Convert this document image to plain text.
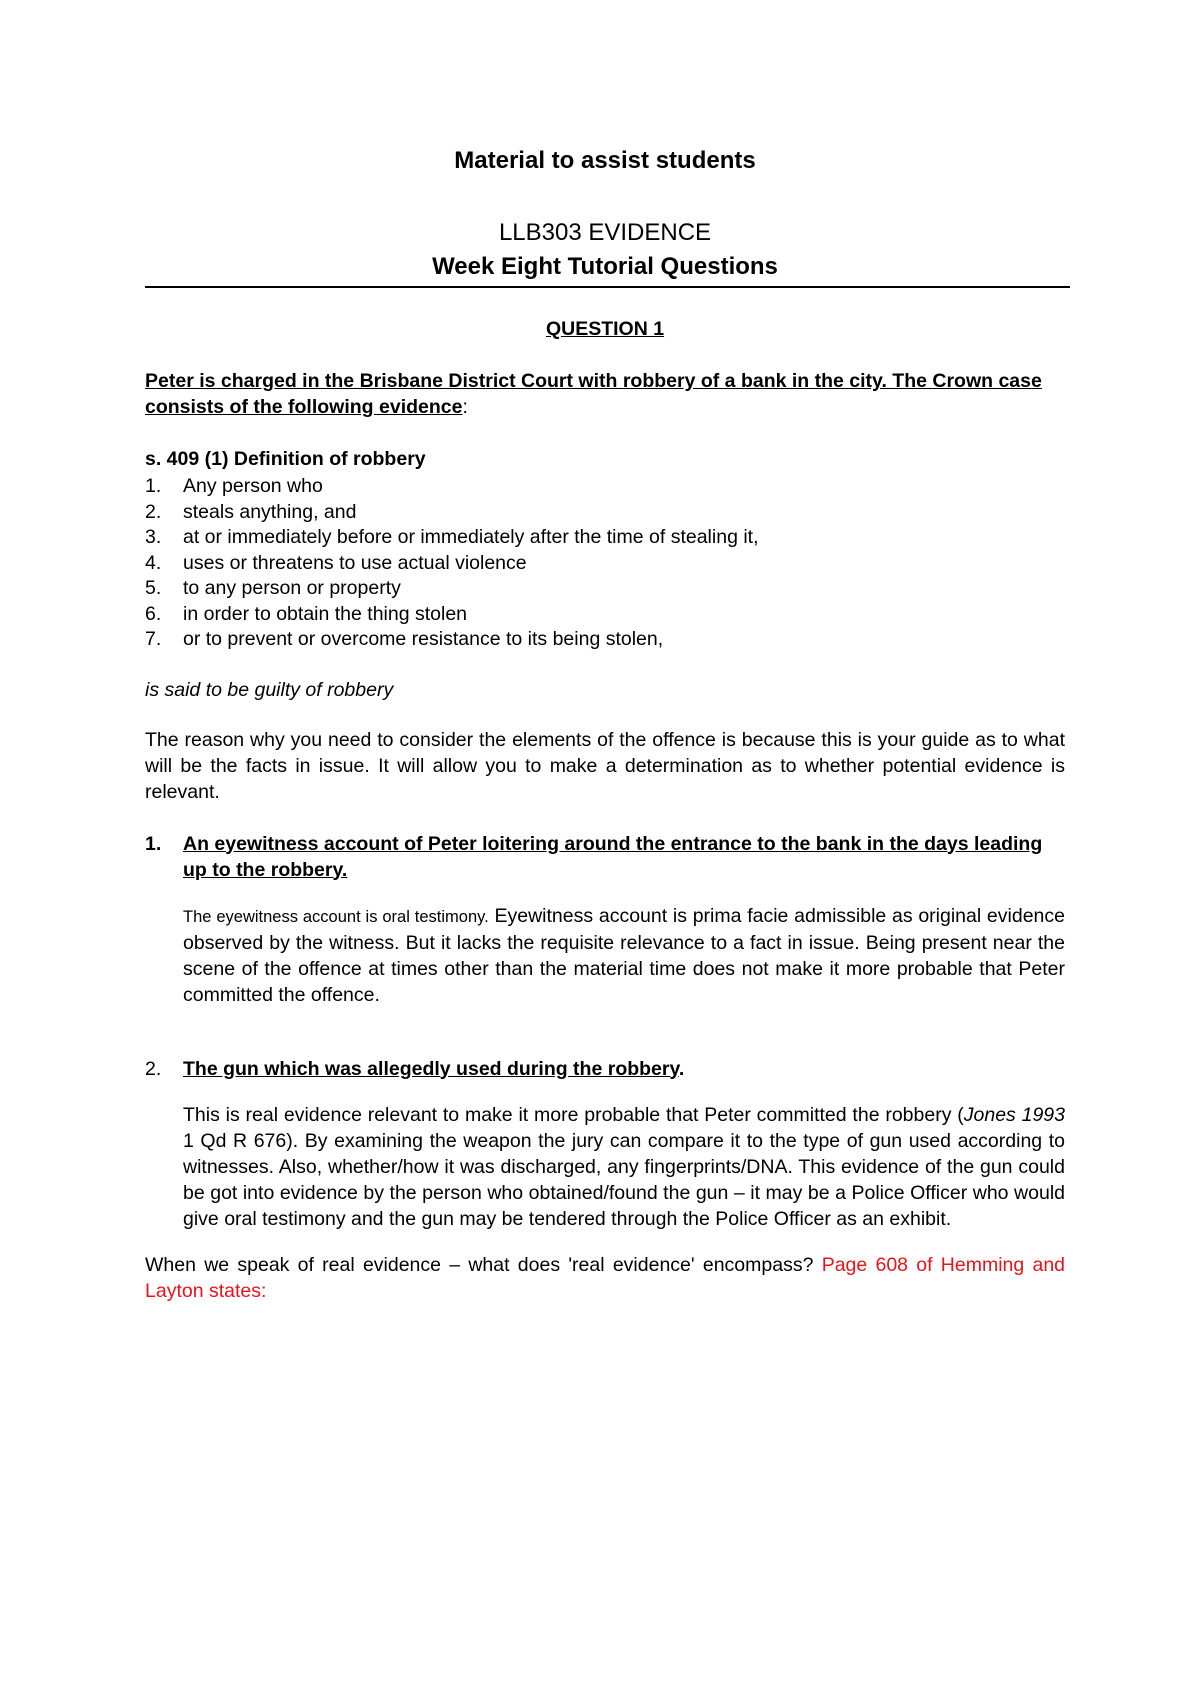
Material to assist students

LLB303 EVIDENCE

Week Eight Tutorial Questions

QUESTION 1

Peter is charged in the Brisbane District Court with robbery of a bank in the city. The Crown case consists of the following evidence:

s. 409 (1) Definition of robbery

1.	Any person who
2.	steals anything, and
3.	at or immediately before or immediately after the time of stealing it,
4.	uses or threatens to use actual violence
5.	to any person or property
6.	in order to obtain the thing stolen
7.	or to prevent or overcome resistance to its being stolen,

is said to be guilty of robbery

The reason why you need to consider the elements of the offence is because this is your guide as to what will be the facts in issue. It will allow you to make a determination as to whether potential evidence is relevant.

1.	An eyewitness account of Peter loitering around the entrance to the bank in the days leading up to the robbery.

The eyewitness account is oral testimony. Eyewitness account is prima facie admissible as original evidence observed by the witness. But it lacks the requisite relevance to a fact in issue. Being present near the scene of the offence at times other than the material time does not make it more probable that Peter committed the offence.

2.	The gun which was allegedly used during the robbery.

This is real evidence relevant to make it more probable that Peter committed the robbery (Jones 1993 1 Qd R 676). By examining the weapon the jury can compare it to the type of gun used according to witnesses. Also, whether/how it was discharged, any fingerprints/DNA. This evidence of the gun could be got into evidence by the person who obtained/found the gun – it may be a Police Officer who would give oral testimony and the gun may be tendered through the Police Officer as an exhibit.

When we speak of real evidence – what does 'real evidence' encompass? Page 608 of Hemming and Layton states:
